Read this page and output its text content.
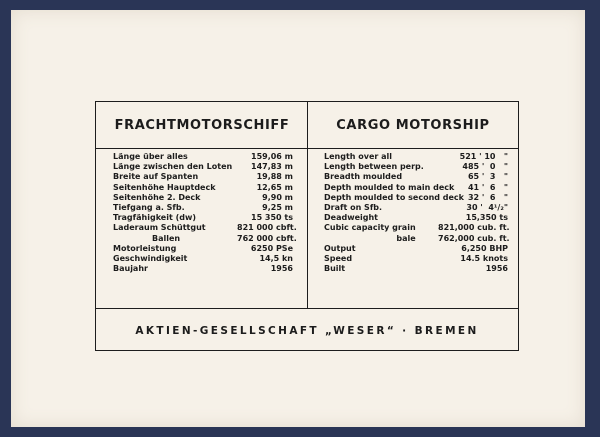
FRACHTMOTORSCHIFF	CARGO MOTORSHIP
Länge über alles	159,06 m
Länge zwischen den Loten	147,83 m
Breite auf Spanten	19,88 m
Seitenhöhe Hauptdeck	12,65 m
Seitenhöhe 2. Deck	9,90 m
Tiefgang a. Sfb.	9,25 m
Tragfähigkeit (dw)	15 350 ts
Laderaum Schüttgut	821 000 cbft.
Ballen	762 000 cbft.
Motorleistung	6250 PSe
Geschwindigkeit	14,5 kn
Baujahr	1956
Length over all	521 ' 10   "
Length between perp.	485 '  0   "
Breadth moulded	65 '  3   "
Depth moulded to main deck	41 '  6   "
Depth moulded to second deck 32 '  6   "
Draft on Sfb.	30 '  4¹/₂"
Deadweight	15,350 ts
Cubic capacity grain	821,000 cub. ft.
bale	762,000 cub. ft.
Output	6,250 BHP
Speed	14.5 knots
Built	1956
AKTIEN-GESELLSCHAFT „WESER“ · BREMEN
